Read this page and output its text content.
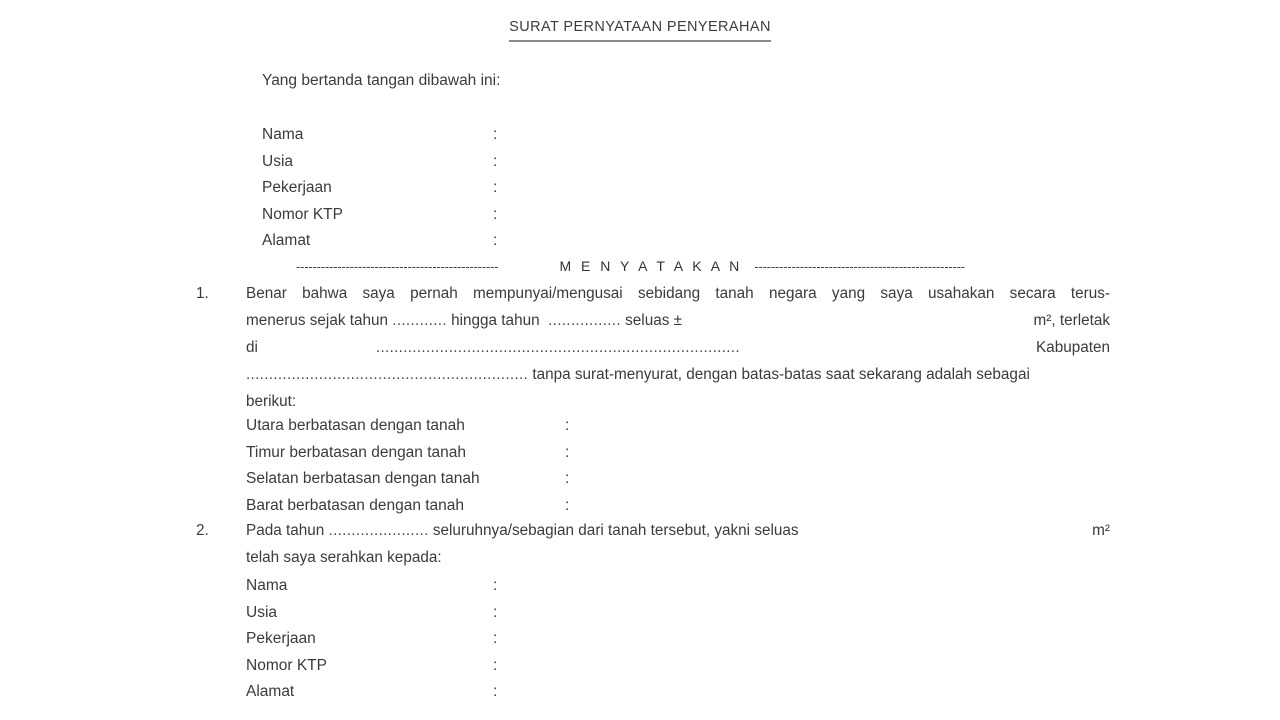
SURAT PERNYATAAN PENYERAHAN
Yang bertanda tangan dibawah ini:
Nama	:
Usia	:
Pekerjaan	:
Nomor KTP	:
Alamat	:
-------------------------------------------------	M E N Y A T A K A N ---------------------------------------------------
1.	Benar bahwa saya pernah mempunyai/mengusai sebidang tanah negara yang saya usahakan secara terus-
menerus sejak tahun
............
hingga tahun
................
seluas ±	m², terletak
di	................................................................................	Kabupaten
..............................................................
tanpa surat-menyurat, dengan batas-batas saat sekarang adalah sebagai
berikut:
Utara berbatasan dengan tanah	:
Timur berbatasan dengan tanah	:
Selatan berbatasan dengan tanah	:
Barat berbatasan dengan tanah	:
2.	Pada tahun
......................
seluruhnya/sebagian dari tanah tersebut, yakni seluas	m²
telah saya serahkan kepada:
Nama	:
Usia	:
Pekerjaan	:
Nomor KTP	:
Alamat	:
